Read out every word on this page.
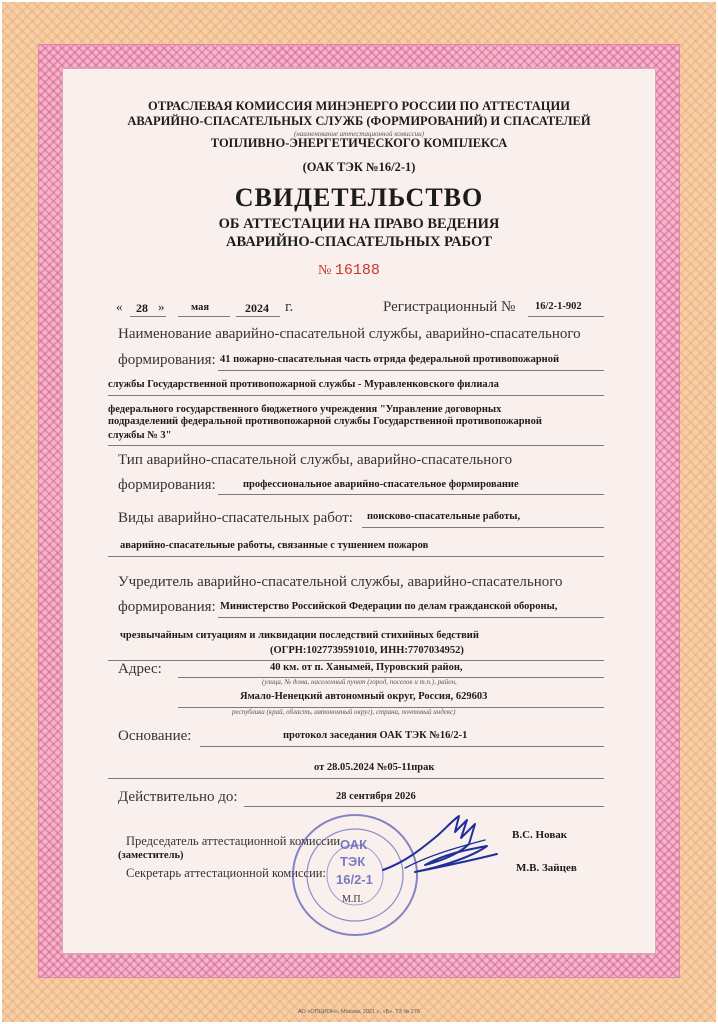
ОТРАСЛЕВАЯ КОМИССИЯ МИНЭНЕРГО РОССИИ ПО АТТЕСТАЦИИ
АВАРИЙНО-СПАСАТЕЛЬНЫХ СЛУЖБ (ФОРМИРОВАНИЙ) И СПАСАТЕЛЕЙ
(наименование аттестационной комиссии)
ТОПЛИВНО-ЭНЕРГЕТИЧЕСКОГО КОМПЛЕКСА
(ОАК ТЭК №16/2-1)
СВИДЕТЕЛЬСТВО
ОБ АТТЕСТАЦИИ НА ПРАВО ВЕДЕНИЯ
АВАРИЙНО-СПАСАТЕЛЬНЫХ РАБОТ
№ 16188
« 28 »	мая	2024 г.	Регистрационный № 16/2-1-902
Наименование аварийно-спасательной службы, аварийно-спасательного
формирования: 41 пожарно-спасательная часть отряда федеральной противопожарной
службы Государственной противопожарной службы - Муравленковского филиала
федерального государственного бюджетного учреждения "Управление договорных
подразделений федеральной противопожарной службы Государственной противопожарной
службы № 3"
Тип аварийно-спасательной службы, аварийно-спасательного
формирования:	профессиональное аварийно-спасательное формирование
Виды аварийно-спасательных работ: поисково-спасательные работы,
аварийно-спасательные работы, связанные с тушением пожаров
Учредитель аварийно-спасательной службы, аварийно-спасательного
формирования: Министерство Российской Федерации по делам гражданской обороны,
чрезвычайным ситуациям и ликвидации последствий стихийных бедствий
(ОГРН:1027739591010, ИНН:7707034952)
Адрес:	40 км. от п. Ханымей, Пуровский район,
(улица, № дома, населенный пункт (город, поселок и т.п.), район,
Ямало-Ненецкий автономный округ, Россия, 629603
республика (край, область, автономный округ), страна, почтовый индекс)
Основание:	протокол заседания ОАК ТЭК №16/2-1
от 28.05.2024 №05-11прак
Действительно до:	28 сентября 2026
Председатель аттестационной комиссии
(заместитель)
В.С. Новак
Секретарь аттестационной комиссии:	М.В. Зайцев
М.П.
ОАК
ТЭК
16/2-1
АО «ОПЦИОН», Москва, 2021 г., «Б». ТЗ № 276
